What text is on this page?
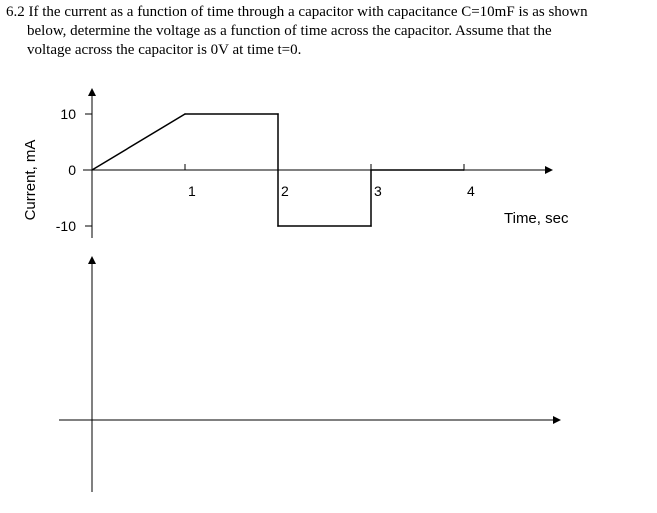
6.2 If the current as a function of time through a capacitor with capacitance C=10mF is as shown
below, determine the voltage as a function of time across the capacitor. Assume that the
voltage across the capacitor is 0V at time t=0.
1	2	3	4
10
0
-10
Current, mA	Time, sec
